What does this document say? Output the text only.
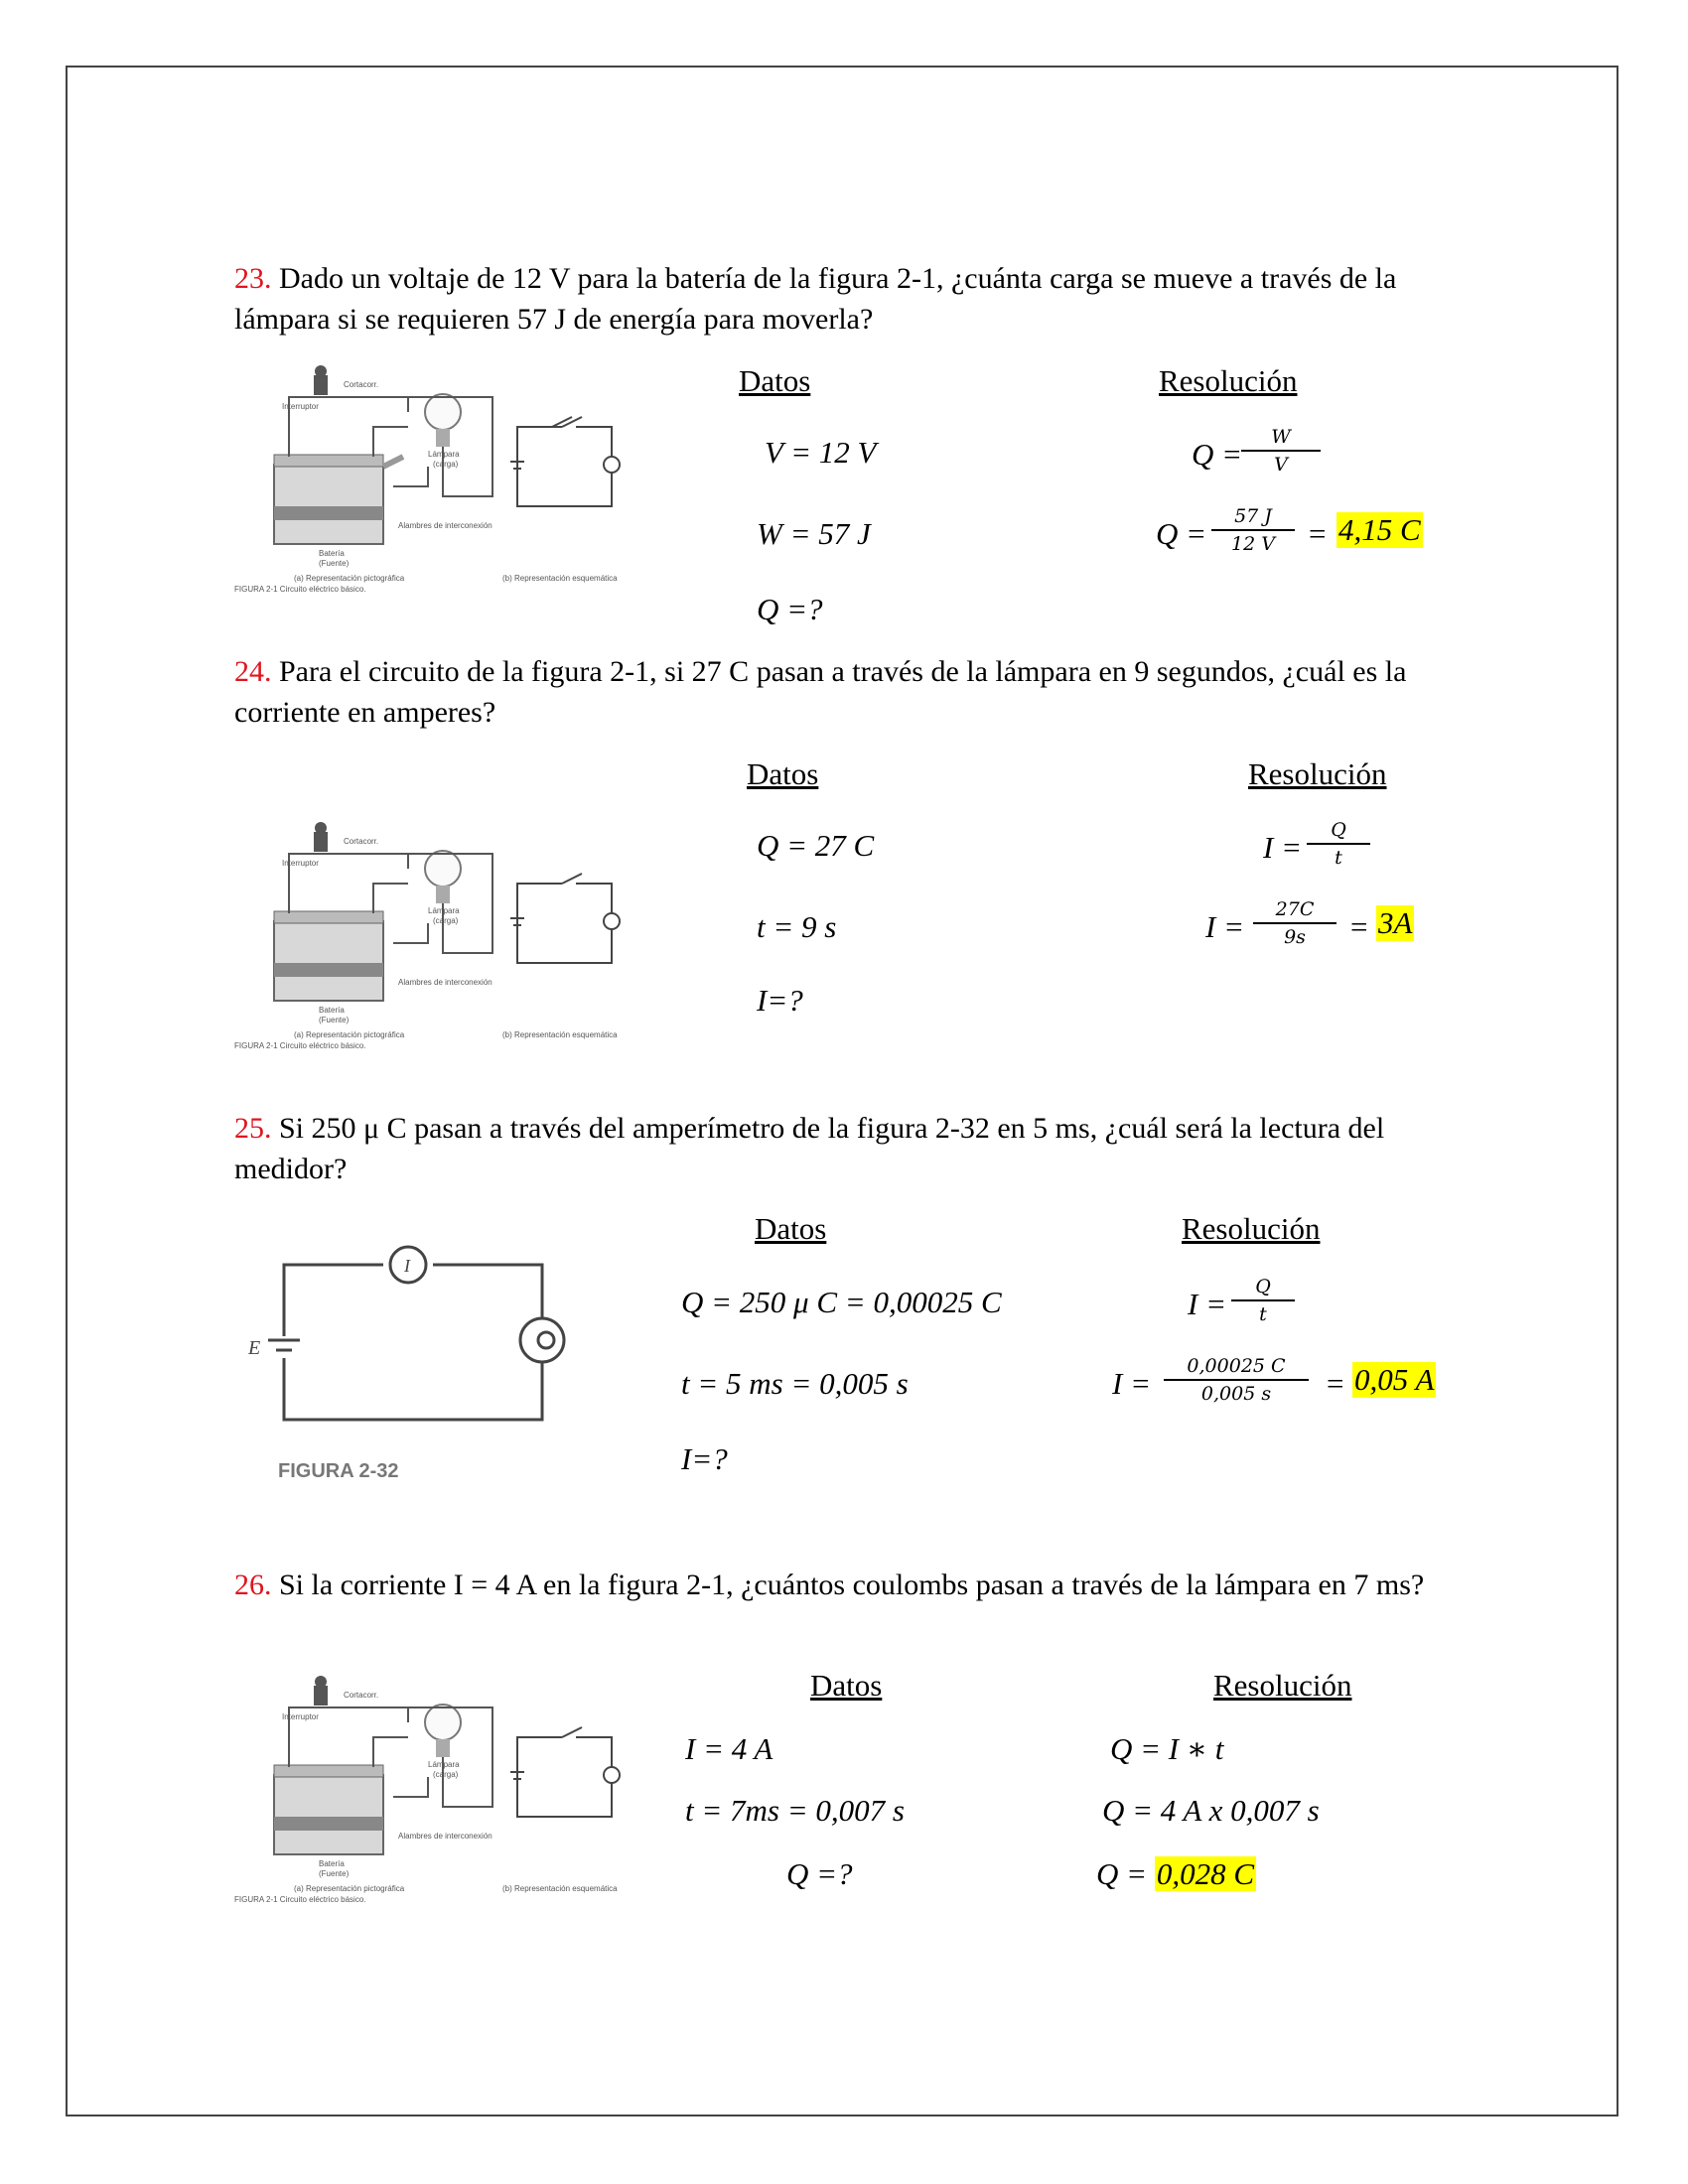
23. Dado un voltaje de 12 V para la batería de la figura 2-1, ¿cuánta carga se mueve a través de la lámpara si se requieren 57 J de energía para moverla?
Cortacorr.
Interruptor
Lámpara
(carga)
Batería
(Fuente)
Alambres de interconexión
(a) Representación pictográfica	(b) Representación esquemática
FIGURA 2-1 Circuito eléctrico básico.
Datos	Resolución
V = 12 V
W = 57 J
Q =?
Q = W
V
Q = 57 J
12 V = 4,15 C
24. Para el circuito de la figura 2-1, si 27 C pasan a través de la lámpara en 9 segundos, ¿cuál es la corriente en amperes?
Cortacorr.
Interruptor
Lámpara
(carga)
Batería
(Fuente)
Alambres de interconexión
(a) Representación pictográfica	(b) Representación esquemática
FIGURA 2-1 Circuito eléctrico básico.
Datos	Resolución
Q = 27 C
t = 9 s
I=?
I = Q
t
I = 27C
9s = 3A
25. Si 250 μ C pasan a través del amperímetro de la figura 2-32 en 5 ms, ¿cuál será la lectura del medidor?
I
E
FIGURA 2-32
Datos	Resolución
Q = 250 μ C = 0,00025 C
t = 5 ms = 0,005 s
I=?
I = Q
t
I = 0,00025 C
0,005 s = 0,05 A
26. Si la corriente I = 4 A en la figura 2-1, ¿cuántos coulombs pasan a través de la lámpara en 7 ms?
Cortacorr.
Interruptor
Lámpara
(carga)
Batería
(Fuente)
Alambres de interconexión
(a) Representación pictográfica	(b) Representación esquemática
FIGURA 2-1 Circuito eléctrico básico.
Datos	Resolución
I = 4 A
t = 7ms = 0,007 s
Q =?
Q = I ∗ t
Q = 4 A x 0,007 s
Q = 0,028 C
